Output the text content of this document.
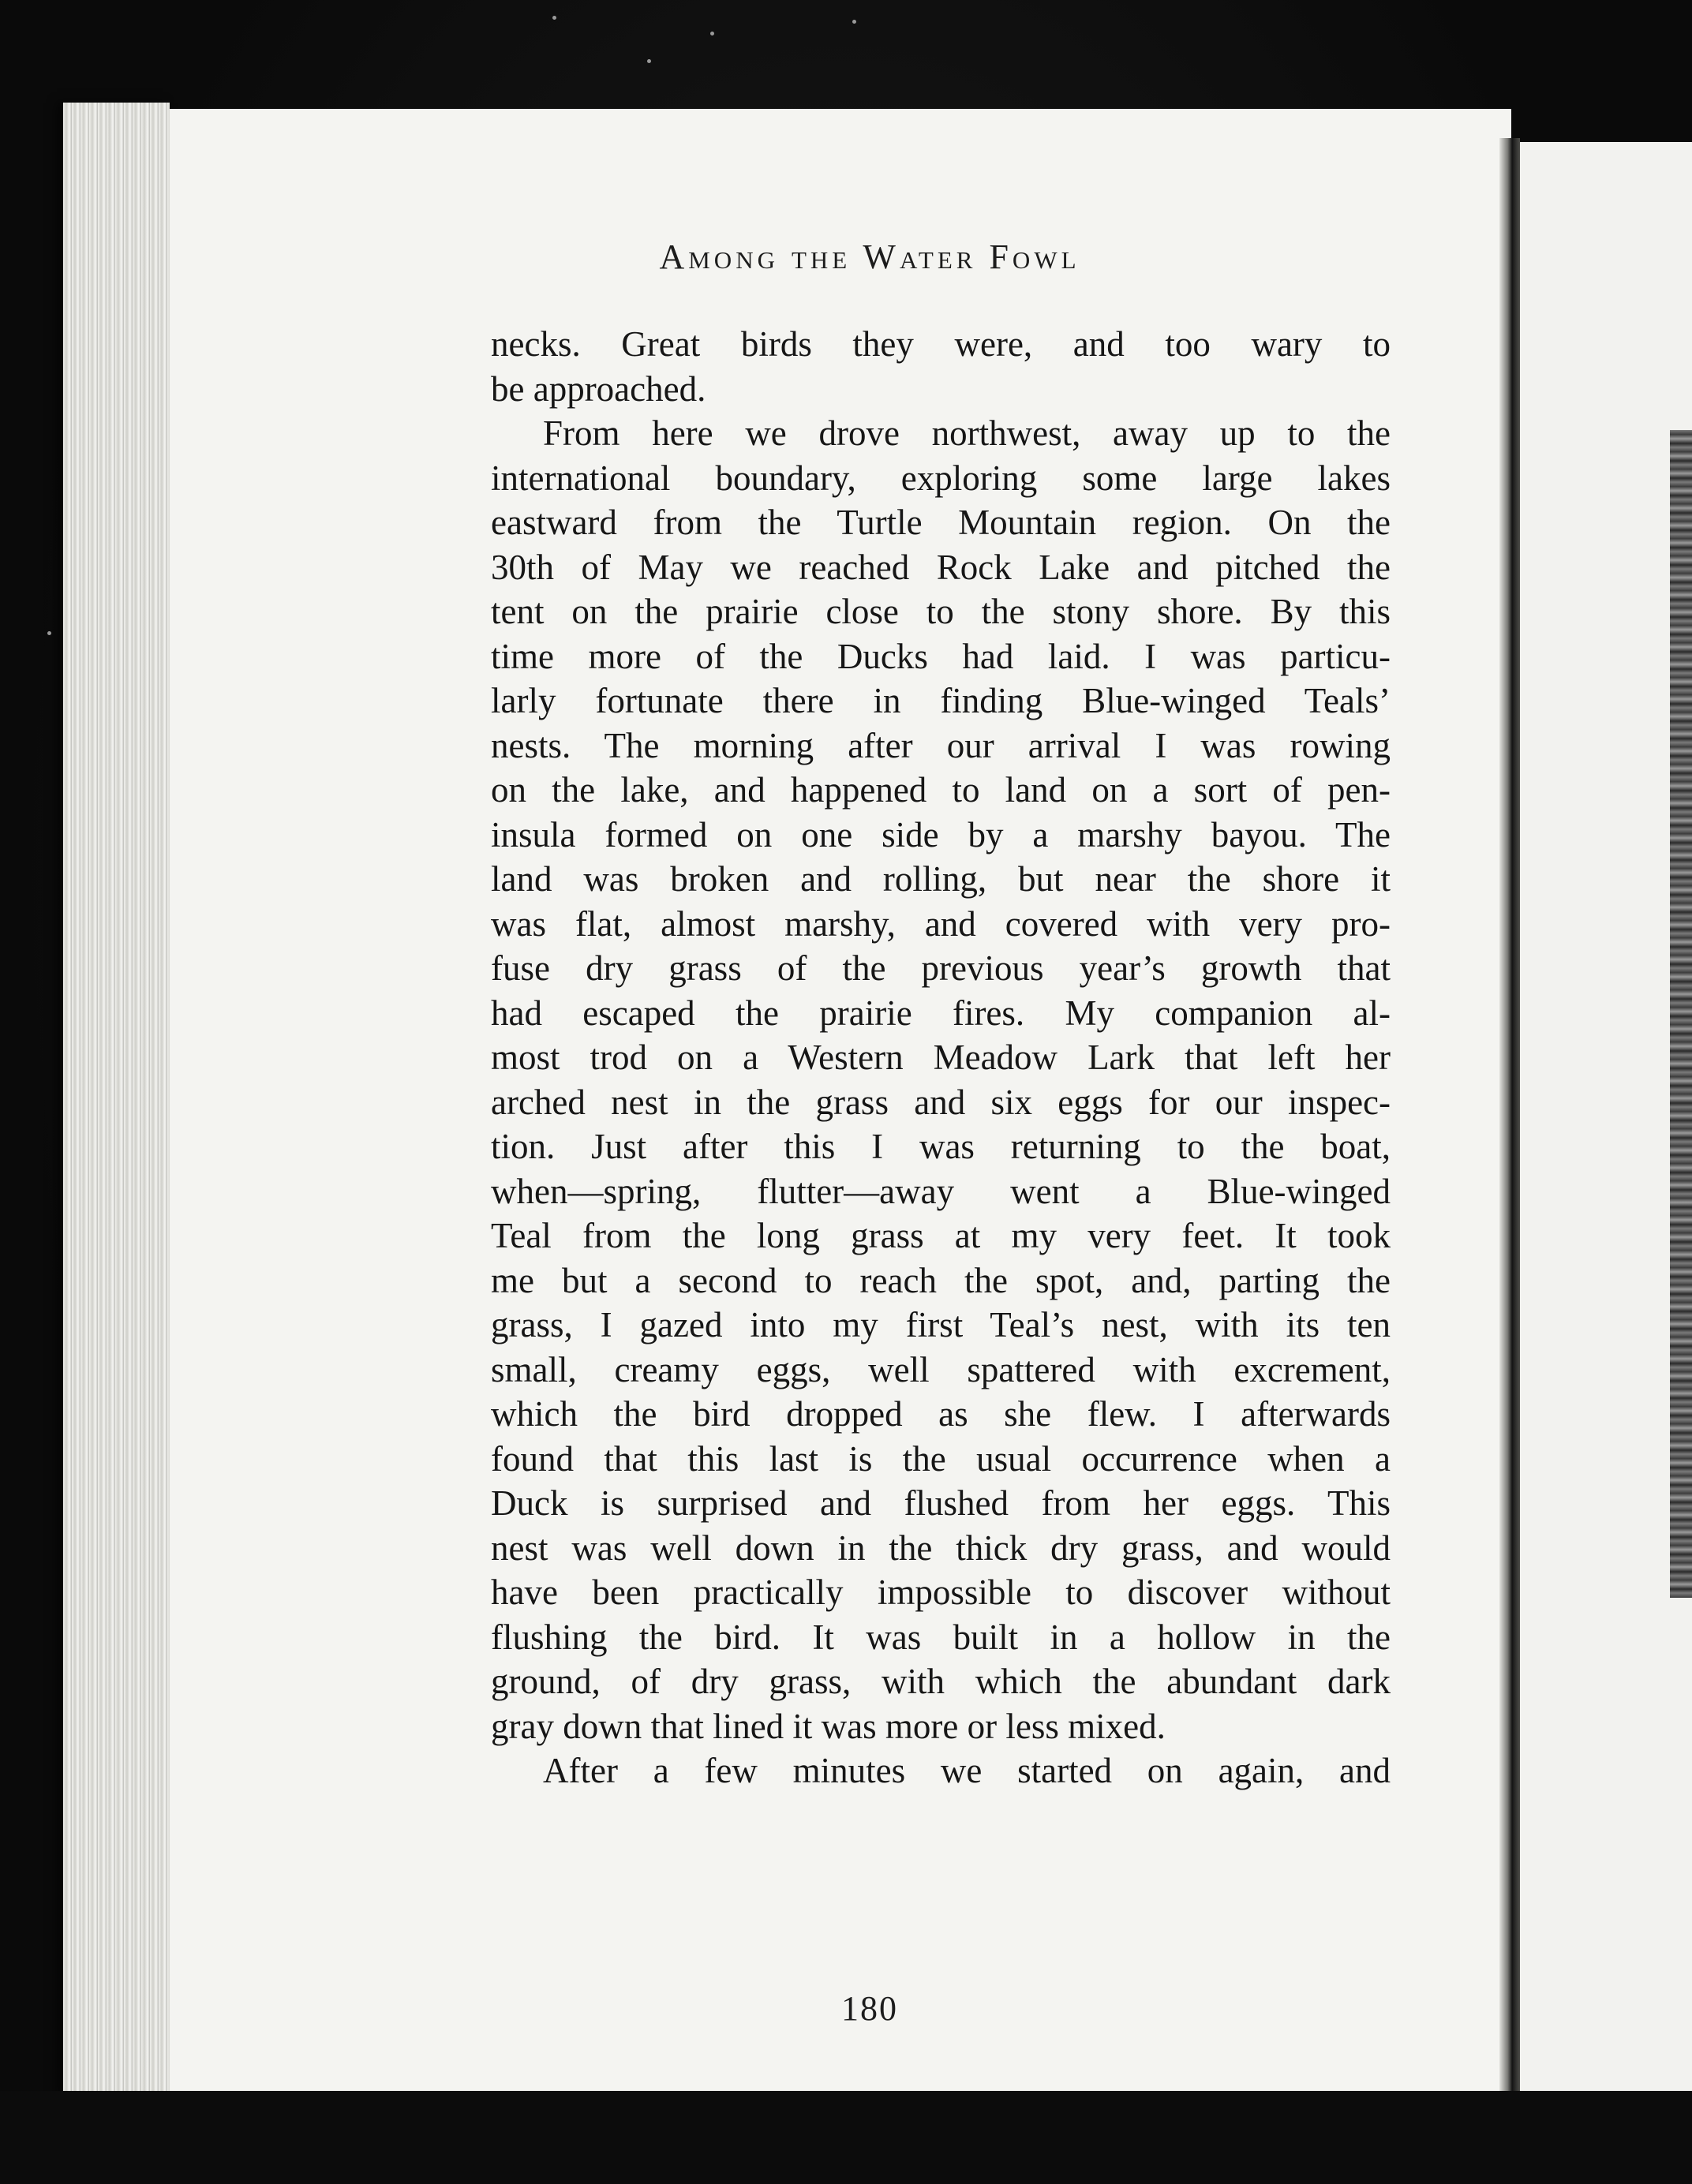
Among the Water Fowl
necks. Great birds they were, and too wary to
be approached.
From here we drove northwest, away up to the
international boundary, exploring some large lakes
eastward from the Turtle Mountain region. On the
30th of May we reached Rock Lake and pitched the
tent on the prairie close to the stony shore. By this
time more of the Ducks had laid. I was particu-
larly fortunate there in finding Blue-winged Teals’
nests. The morning after our arrival I was rowing
on the lake, and happened to land on a sort of pen-
insula formed on one side by a marshy bayou. The
land was broken and rolling, but near the shore it
was flat, almost marshy, and covered with very pro-
fuse dry grass of the previous year’s growth that
had escaped the prairie fires. My companion al-
most trod on a Western Meadow Lark that left her
arched nest in the grass and six eggs for our inspec-
tion. Just after this I was returning to the boat,
when—spring, flutter—away went a Blue-winged
Teal from the long grass at my very feet. It took
me but a second to reach the spot, and, parting the
grass, I gazed into my first Teal’s nest, with its ten
small, creamy eggs, well spattered with excrement,
which the bird dropped as she flew. I afterwards
found that this last is the usual occurrence when a
Duck is surprised and flushed from her eggs. This
nest was well down in the thick dry grass, and would
have been practically impossible to discover without
flushing the bird. It was built in a hollow in the
ground, of dry grass, with which the abundant dark
gray down that lined it was more or less mixed.
After a few minutes we started on again, and
180
